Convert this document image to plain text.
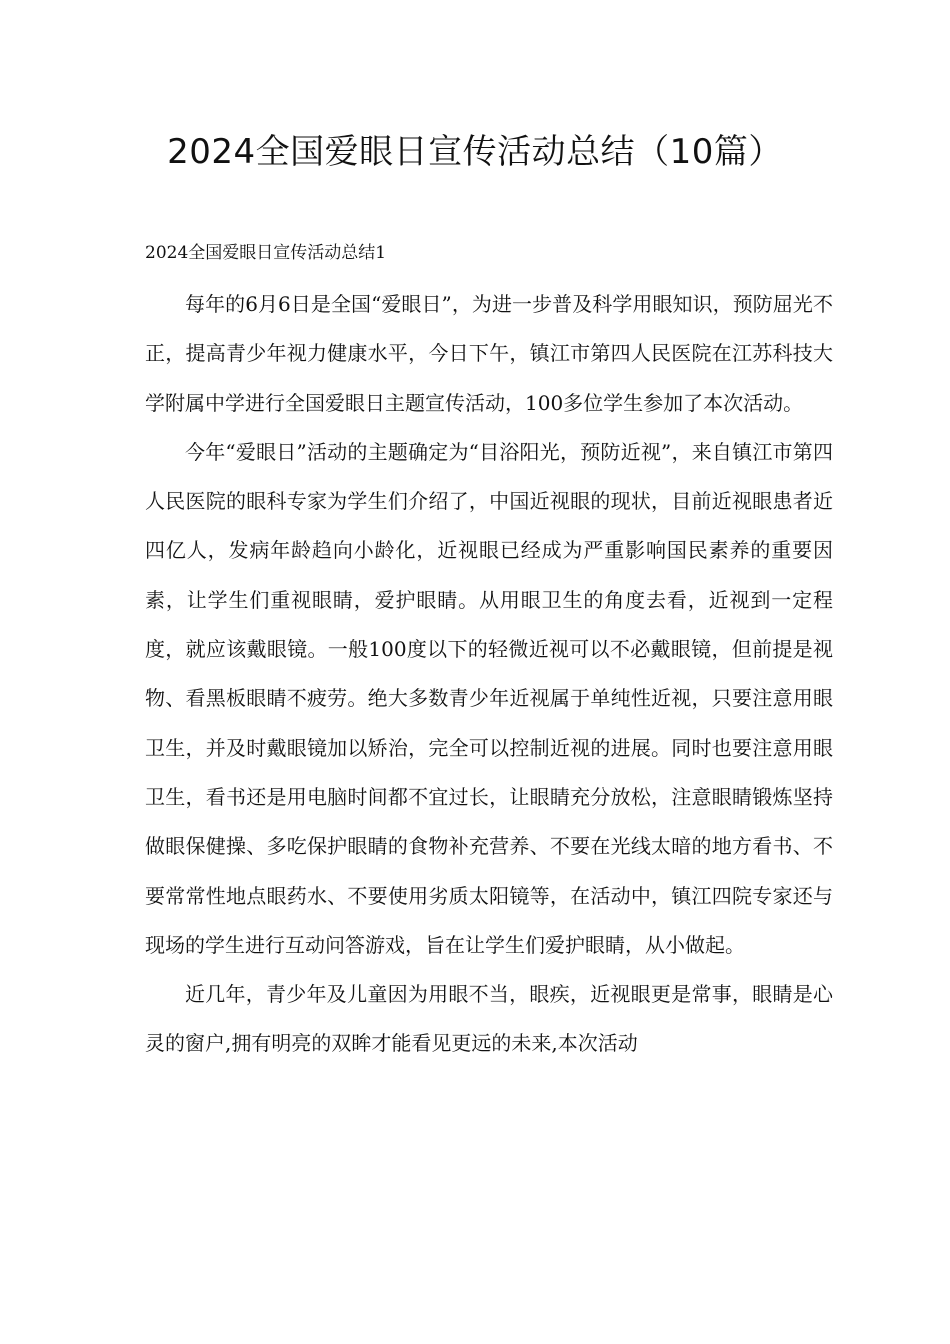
2024全国爱眼日宣传活动总结（10篇）

2024全国爱眼日宣传活动总结1

每年的6月6日是全国“爱眼日”，为进一步普及科学用眼知识，预防屈光不正，提高青少年视力健康水平，今日下午，镇江市第四人民医院在江苏科技大学附属中学进行全国爱眼日主题宣传活动，100多位学生参加了本次活动。

今年“爱眼日”活动的主题确定为“目浴阳光，预防近视”，来自镇江市第四人民医院的眼科专家为学生们介绍了，中国近视眼的现状，目前近视眼患者近四亿人，发病年龄趋向小龄化，近视眼已经成为严重影响国民素养的重要因素，让学生们重视眼睛，爱护眼睛。从用眼卫生的角度去看，近视到一定程度，就应该戴眼镜。一般100度以下的轻微近视可以不必戴眼镜，但前提是视物、看黑板眼睛不疲劳。绝大多数青少年近视属于单纯性近视，只要注意用眼卫生，并及时戴眼镜加以矫治，完全可以控制近视的进展。同时也要注意用眼卫生，看书还是用电脑时间都不宜过长，让眼睛充分放松，注意眼睛锻炼坚持做眼保健操、多吃保护眼睛的食物补充营养、不要在光线太暗的地方看书、不要常常性地点眼药水、不要使用劣质太阳镜等，在活动中，镇江四院专家还与现场的学生进行互动问答游戏，旨在让学生们爱护眼睛，从小做起。

近几年，青少年及儿童因为用眼不当，眼疾，近视眼更是常事，眼睛是心灵的窗户,拥有明亮的双眸才能看见更远的未来,本次活动
